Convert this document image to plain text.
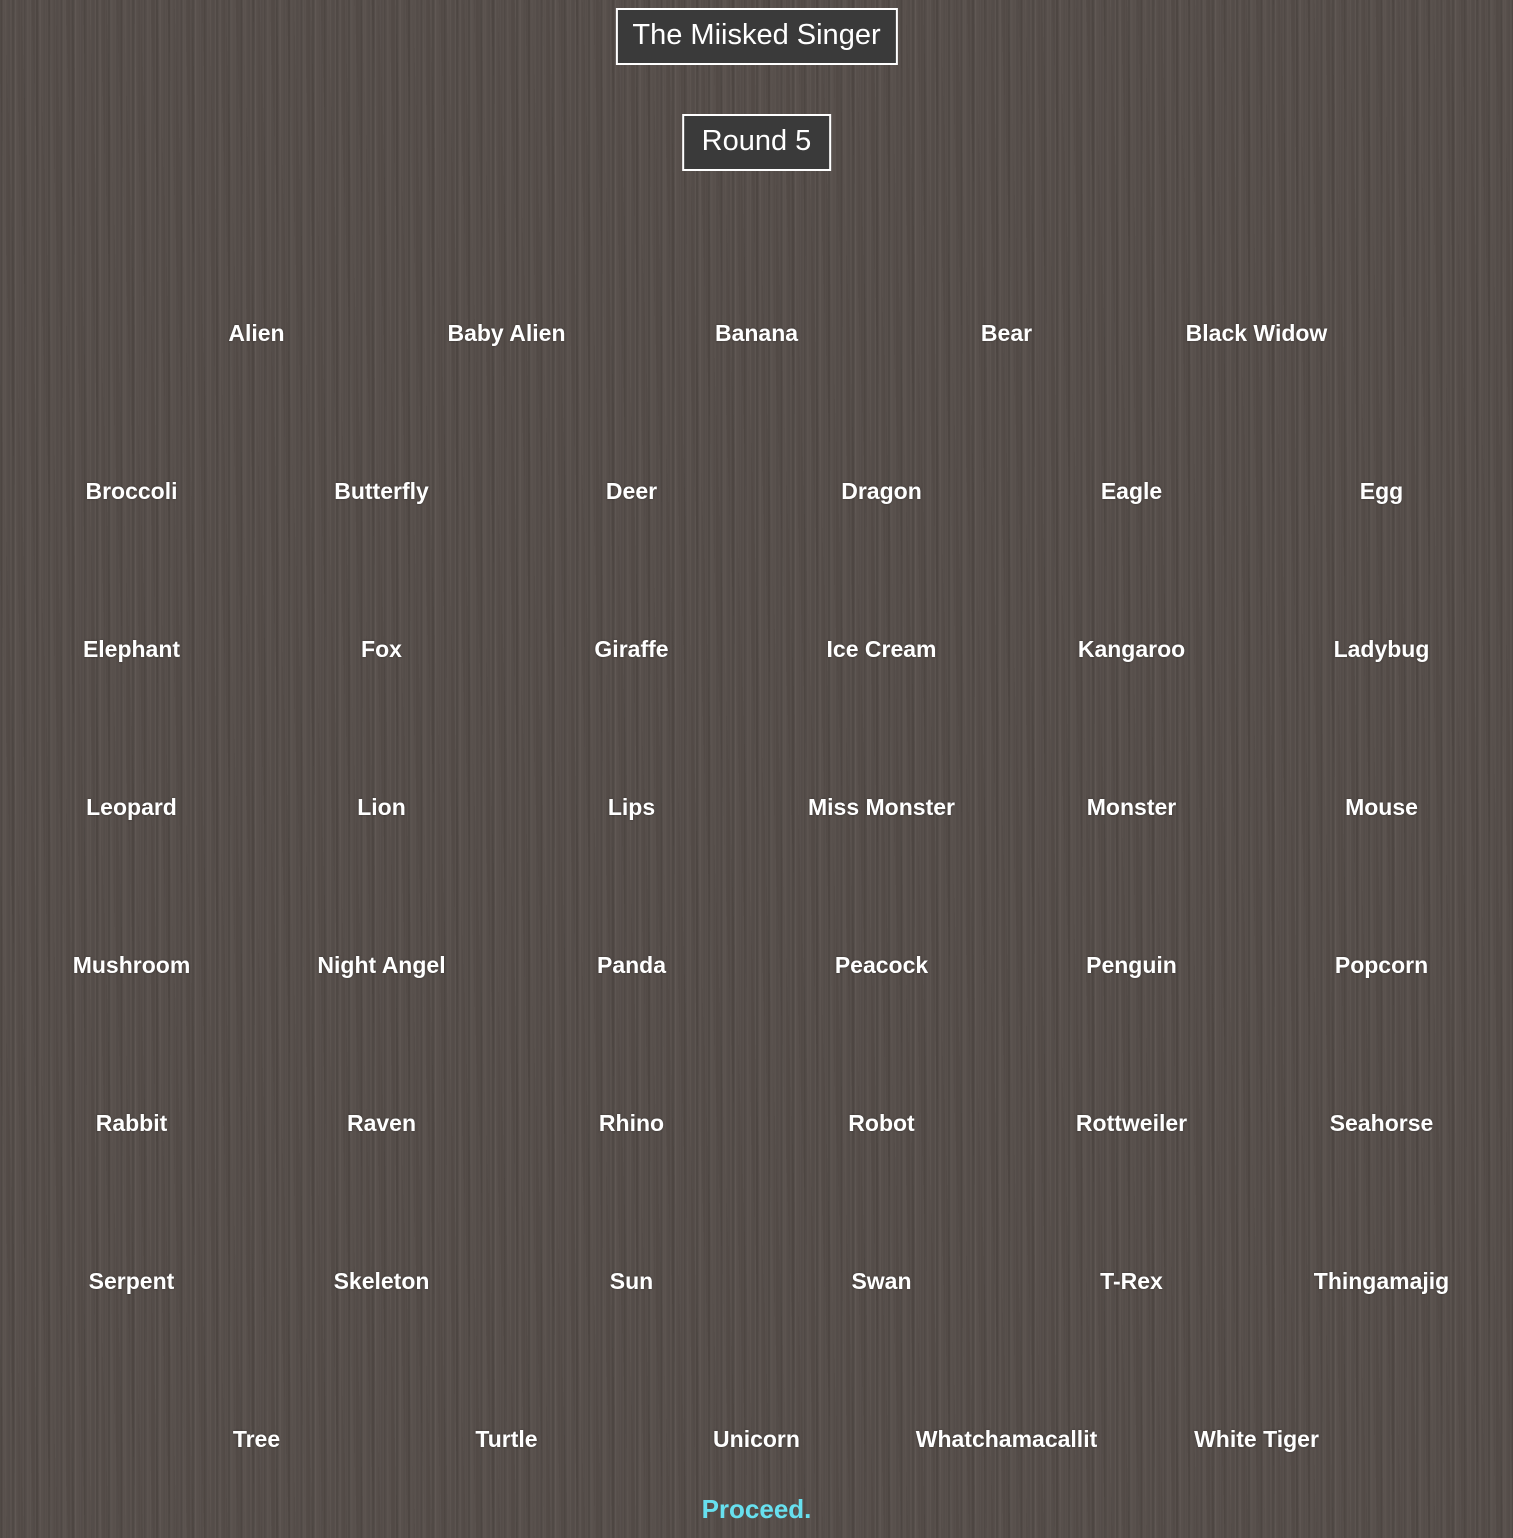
The Miisked Singer
Round 5
Alien	Baby Alien	Banana	Bear	Black Widow
Broccoli	Butterfly	Deer	Dragon	Eagle	Egg
Elephant	Fox	Giraffe	Ice Cream	Kangaroo	Ladybug
Leopard	Lion	Lips	Miss Monster	Monster	Mouse
Mushroom	Night Angel	Panda	Peacock	Penguin	Popcorn
Rabbit	Raven	Rhino	Robot	Rottweiler	Seahorse
Serpent	Skeleton	Sun	Swan	T-Rex	Thingamajig
Tree	Turtle	Unicorn	Whatchamacallit	White Tiger
Proceed.
